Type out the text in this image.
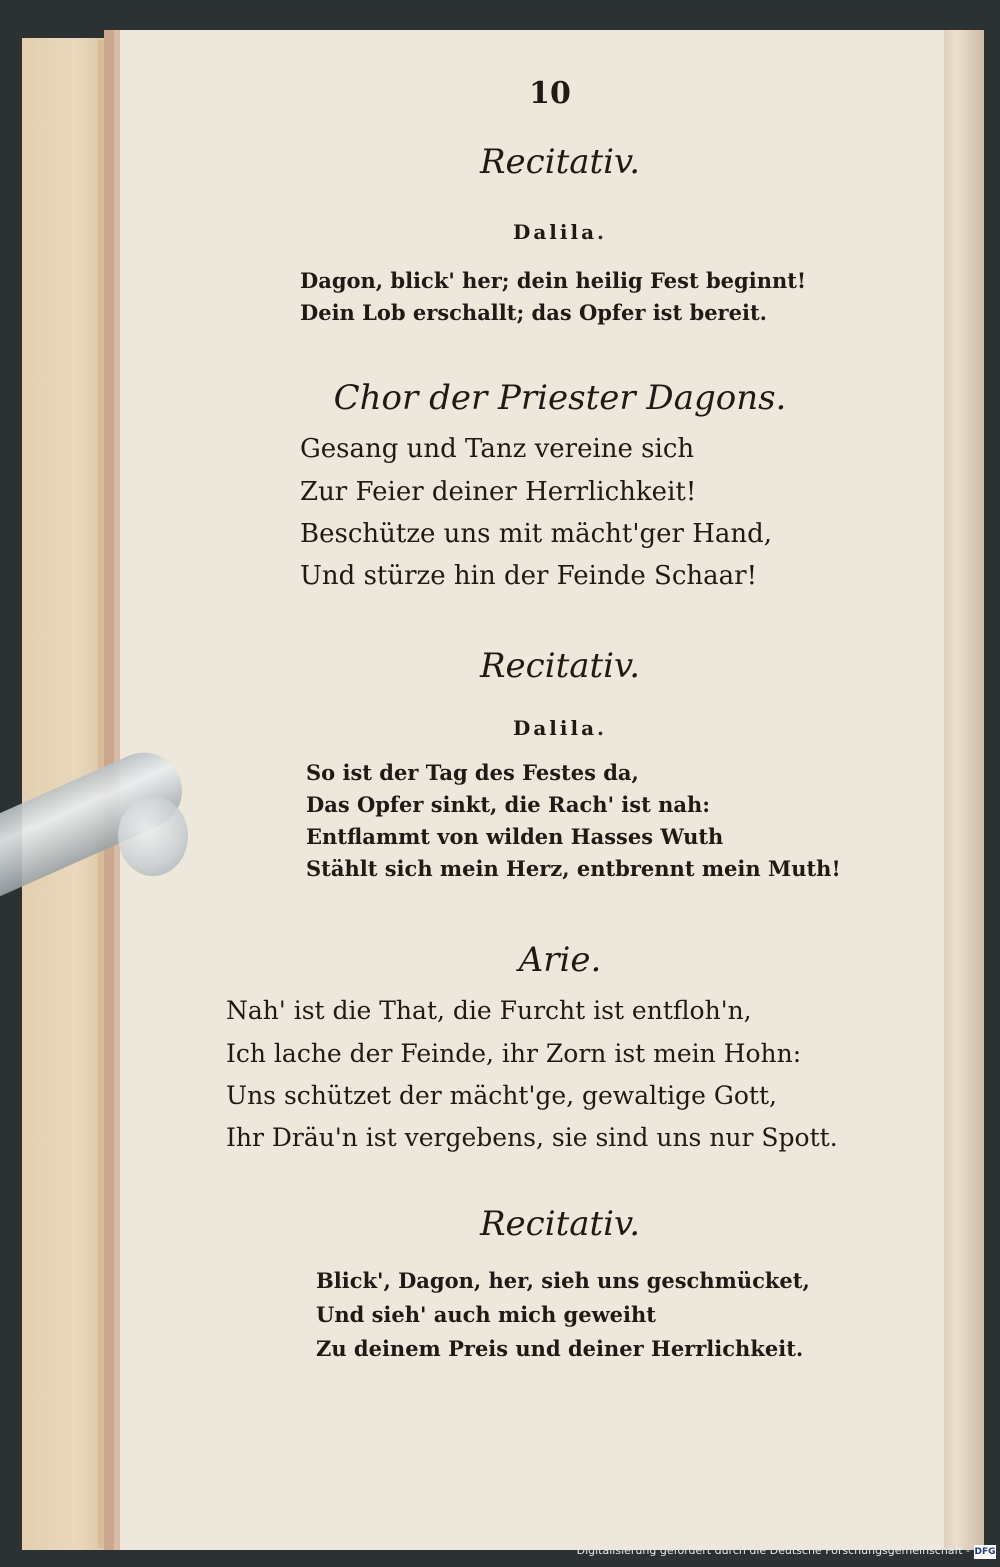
10
Recitativ.
Dalila.
Dagon, blick' her; dein heilig Fest beginnt!
Dein Lob erschallt; das Opfer ist bereit.
Chor der Priester Dagons.
Gesang und Tanz vereine sich
Zur Feier deiner Herrlichkeit!
Beschütze uns mit mächt'ger Hand,
Und stürze hin der Feinde Schaar!
Recitativ.
Dalila.
So ist der Tag des Festes da,
Das Opfer sinkt, die Rach' ist nah:
Entflammt von wilden Hasses Wuth
Stählt sich mein Herz, entbrennt mein Muth!
Arie.
Nah' ist die That, die Furcht ist entfloh'n,
Ich lache der Feinde, ihr Zorn ist mein Hohn:
Uns schützet der mächt'ge, gewaltige Gott,
Ihr Dräu'n ist vergebens, sie sind uns nur Spott.
Recitativ.
Blick', Dagon, her, sieh uns geschmücket,
Und sieh' auch mich geweiht
Zu deinem Preis und deiner Herrlichkeit.
Digitalisierung gefördert durch die Deutsche Forschungsgemeinschaft - DFG
